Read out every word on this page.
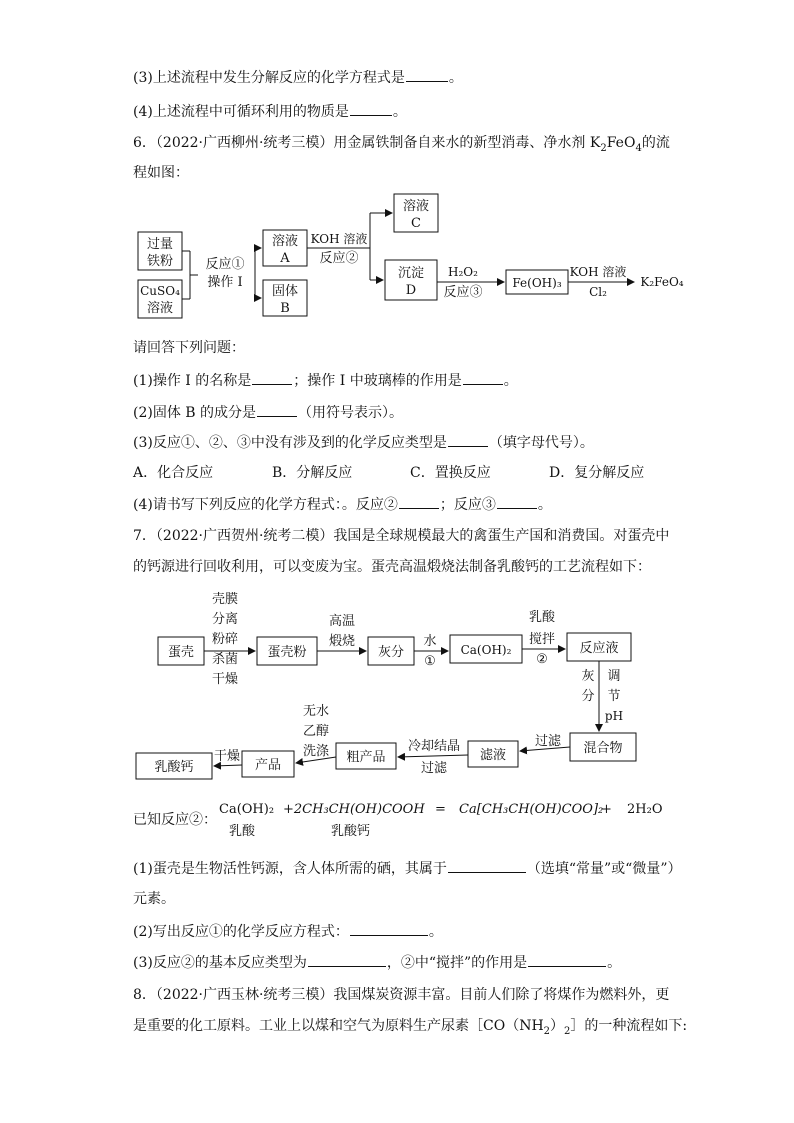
(3)上述流程中发生分解反应的化学方程式是	。
(4)上述流程中可循环利用的物质是	。
6．（2022·广西柳州·统考三模）用金属铁制备自来水的新型消毒、净水剂 $K_2FeO_4$的流
程如图：
过量
铁粉
CuSO₄
溶液
反应①
操作 I
溶液
A
固体
B
KOH 溶液
反应②
溶液
C
沉淀
D
H₂O₂
反应③
Fe(OH)₃
KOH 溶液
Cl₂
K₂FeO₄
请回答下列问题：
(1)操作 I 的名称是	；操作 I 中玻璃棒的作用是	。
(2)固体 B 的成分是	（用符号表示）。
(3)反应①、②、③中没有涉及到的化学反应类型是	（填字母代号）。
A．化合反应	B．分解反应	C．置换反应	D．复分解反应
(4)请书写下列反应的化学方程式：。反应②	；反应③	。
7．（2022·广西贺州·统考二模）我国是全球规模最大的禽蛋生产国和消费国。对蛋壳中
的钙源进行回收利用，可以变废为宝。蛋壳高温煅烧法制备乳酸钙的工艺流程如下：
蛋壳
壳膜
分离
粉碎
杀菌
干燥
蛋壳粉
高温
煅烧
灰分
水
①
Ca(OH)₂
乳酸
搅拌
②
反应液
灰
分
调
节
pH
混合物
过滤
滤液
冷却结晶
过滤
粗产品
无水
乙醇
洗涤
产品
干燥
乳酸钙
已知反应②：
Ca(OH)₂ +2CH₃CH(OH)COOH = Ca[CH₃CH(OH)COO]₂
+ 2H₂O
乳酸	乳酸钙
(1)蛋壳是生物活性钙源，含人体所需的硒，其属于	（选填“常量”或“微量”）
元素。
(2)写出反应①的化学反应方程式：	。
(3)反应②的基本反应类型为	，②中“搅拌”的作用是	。
8．（2022·广西玉林·统考三模）我国煤炭资源丰富。目前人们除了将煤作为燃料外，更
是重要的化工原料。工业上以煤和空气为原料生产尿素$[CO(NH_2)_2]$的一种流程如下:
